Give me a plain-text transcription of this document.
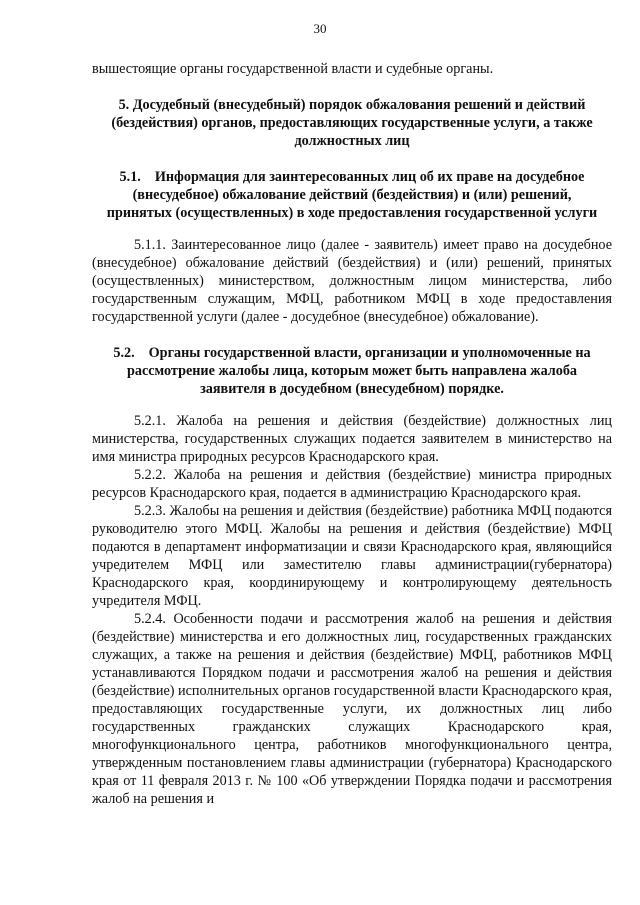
30

вышестоящие органы государственной власти и судебные органы.

5. Досудебный (внесудебный) порядок обжалования решений и действий (бездействия) органов, предоставляющих государственные услуги, а также должностных лиц

5.1. Информация для заинтересованных лиц об их праве на досудебное (внесудебное) обжалование действий (бездействия) и (или) решений, принятых (осуществленных) в ходе предоставления государственной услуги

5.1.1. Заинтересованное лицо (далее - заявитель) имеет право на досудебное (внесудебное) обжалование действий (бездействия) и (или) решений, принятых (осуществленных) министерством, должностным лицом министерства, либо государственным служащим, МФЦ, работником МФЦ в ходе предоставления государственной услуги (далее - досудебное (внесудебное) обжалование).

5.2. Органы государственной власти, организации и уполномоченные на рассмотрение жалобы лица, которым может быть направлена жалоба заявителя в досудебном (внесудебном) порядке.

5.2.1. Жалоба на решения и действия (бездействие) должностных лиц министерства, государственных служащих подается заявителем в министерство на имя министра природных ресурсов Краснодарского края.

5.2.2. Жалоба на решения и действия (бездействие) министра природных ресурсов Краснодарского края, подается в администрацию Краснодарского края.

5.2.3. Жалобы на решения и действия (бездействие) работника МФЦ подаются руководителю этого МФЦ. Жалобы на решения и действия (бездействие) МФЦ подаются в департамент информатизации и связи Краснодарского края, являющийся учредителем МФЦ или заместителю главы администрации(губернатора) Краснодарского края, координирующему и контролирующему деятельность учредителя МФЦ.

5.2.4. Особенности подачи и рассмотрения жалоб на решения и действия (бездействие) министерства и его должностных лиц, государственных гражданских служащих, а также на решения и действия (бездействие) МФЦ, работников МФЦ устанавливаются Порядком подачи и рассмотрения жалоб на решения и действия (бездействие) исполнительных органов государственной власти Краснодарского края, предоставляющих государственные услуги, их должностных лиц либо государственных гражданских служащих Краснодарского края, многофункционального центра, работников многофункционального центра, утвержденным постановлением главы администрации (губернатора) Краснодарского края от 11 февраля 2013 г. № 100 «Об утверждении Порядка подачи и рассмотрения жалоб на решения и
